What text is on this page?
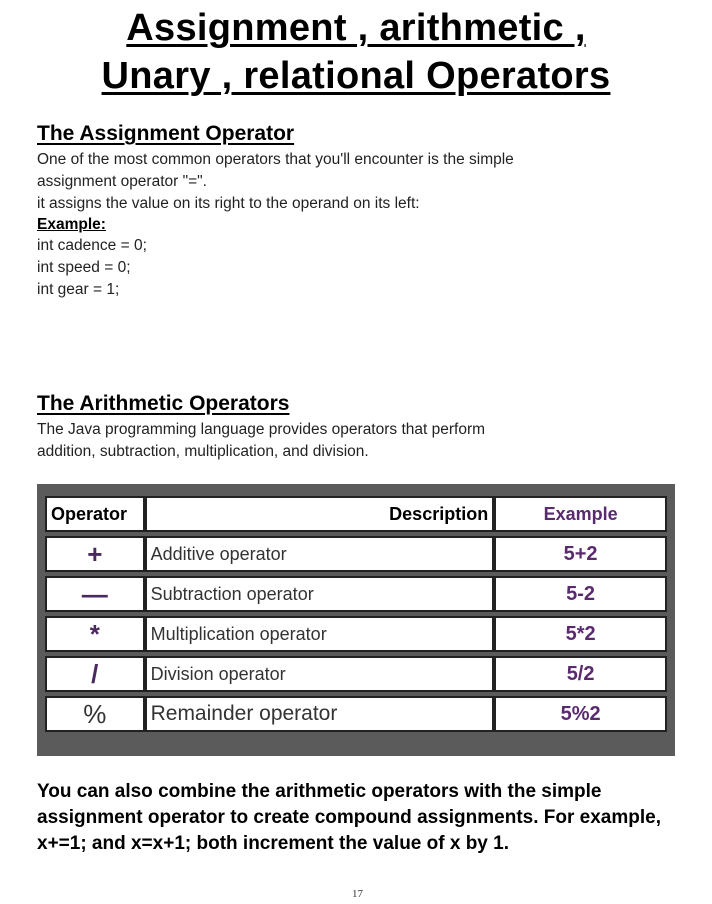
Assignment , arithmetic ,
Unary , relational Operators
The Assignment Operator

One of the most common operators that you'll encounter is the simple

assignment operator "=".

it assigns the value on its right to the operand on its left:

Example:
int cadence = 0;
int speed = 0;
int gear = 1;
The Arithmetic Operators

The Java programming language provides operators that perform

addition, subtraction, multiplication, and division.

Operator	Description	Example
+	Additive operator	5+2
—	Subtraction operator	5-2
*	Multiplication operator	5*2
/	Division operator	5/2
%	Remainder operator	5%2

You can also combine the arithmetic operators with the simple assignment operator to create compound assignments. For example, x+=1; and x=x+1; both increment the value of x by 1.

17
